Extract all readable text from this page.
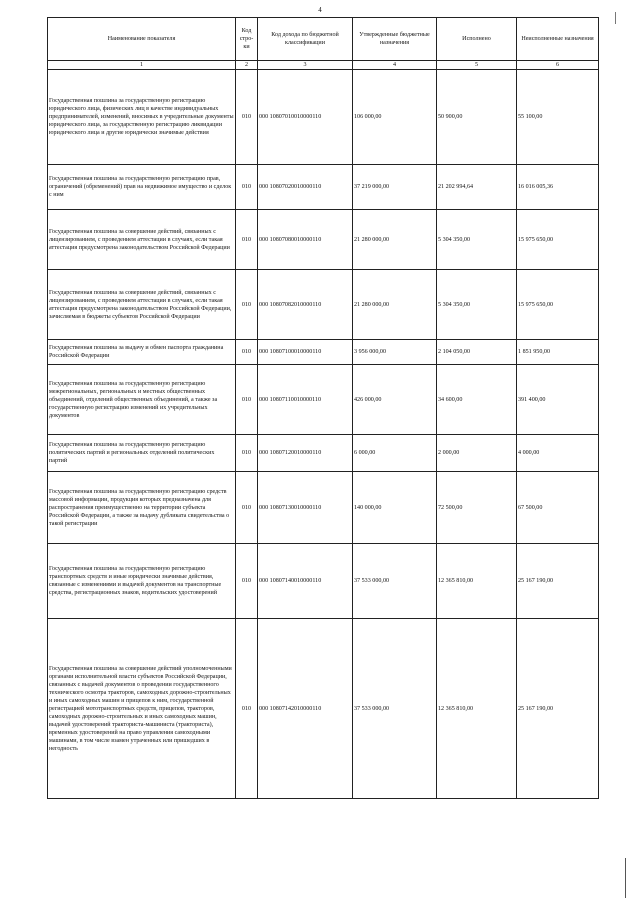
4
Наименование показателя	Код стро-ки	Код дохода по бюджетной классификации	Утвержденные бюджетные назначения	Исполнено	Неисполненные назначения
1	2	3	4	5	6
Государственная пошлина за государственную регистрацию юридического лица, физических лиц в качестве индивидуальных предпринимателей, изменений, вносимых в учредительные документы юридического лица, за государственную регистрацию ликвидации юридического лица и другие юридически значимые действия	010	000 10807010010000110	106 000,00	50 900,00	55 100,00
Государственная пошлина за государственную регистрацию прав, ограничений (обременений) прав на недвижимое имущество и сделок с ним	010	000 10807020010000110	37 219 000,00	21 202 994,64	16 016 005,36
Государственная пошлина за совершение действий, связанных с лицензированием, с проведением аттестации в случаях, если такая аттестация предусмотрена законодательством Российской Федерации	010	000 10807080010000110	21 280 000,00	5 304 350,00	15 975 650,00
Государственная пошлина за совершение действий, связанных с лицензированием, с проведением аттестации в случаях, если такая аттестация предусмотрена законодательством Российской Федерации, зачисляемая в бюджеты субъектов Российской Федерации	010	000 10807082010000110	21 280 000,00	5 304 350,00	15 975 650,00
Государственная пошлина за выдачу и обмен паспорта гражданина Российской Федерации	010	000 10807100010000110	3 956 000,00	2 104 050,00	1 851 950,00
Государственная пошлина за государственную регистрацию межрегиональных, региональных и местных общественных объединений, отделений общественных объединений, а также за государственную регистрацию изменений их учредительных документов	010	000 10807110010000110	426 000,00	34 600,00	391 400,00
Государственная пошлина за государственную регистрацию политических партий и региональных отделений политических партий	010	000 10807120010000110	6 000,00	2 000,00	4 000,00
Государственная пошлина за государственную регистрацию средств массовой информации, продукция которых предназначена для распространения преимущественно на территории субъекта Российской Федерации, а также за выдачу дубликата свидетельства о такой регистрации	010	000 10807130010000110	140 000,00	72 500,00	67 500,00
Государственная пошлина за государственную регистрацию транспортных средств и иные юридически значимые действия, связанные с изменениями и выдачей документов на транспортные средства, регистрационных знаков, водительских удостоверений	010	000 10807140010000110	37 533 000,00	12 365 810,00	25 167 190,00
Государственная пошлина за совершение действий уполномоченными органами исполнительной власти субъектов Российской Федерации, связанных с выдачей документов о проведении государственного технического осмотра тракторов, самоходных дорожно-строительных и иных самоходных машин и прицепов к ним, государственной регистрацией мототранспортных средств, прицепов, тракторов, самоходных дорожно-строительных и иных самоходных машин, выдачей удостоверений тракториста-машиниста (тракториста), временных удостоверений на право управления самоходными машинами, в том числе взамен утраченных или пришедших в негодность	010	000 10807142010000110	37 533 000,00	12 365 810,00	25 167 190,00
